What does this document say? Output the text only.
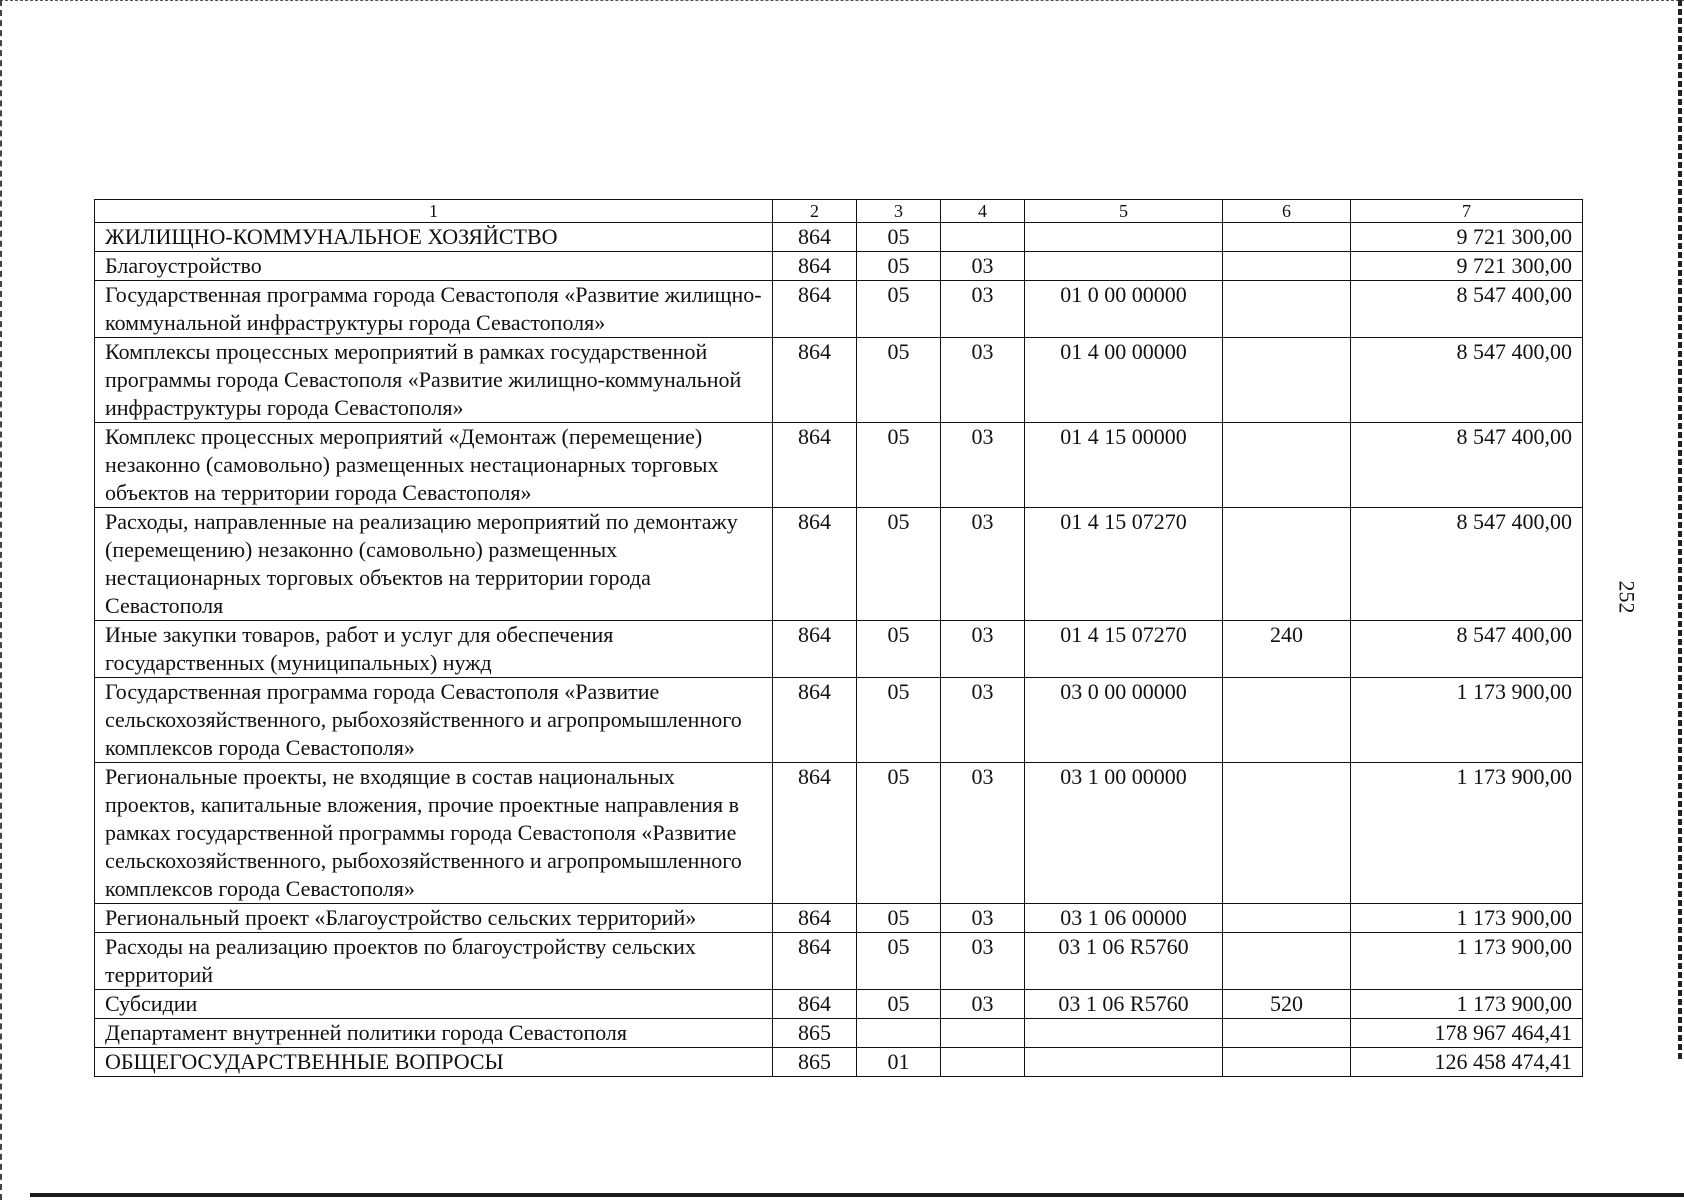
252
1	2	3	4	5	6	7
ЖИЛИЩНО-КОММУНАЛЬНОЕ ХОЗЯЙСТВО	864	05				9 721 300,00
Благоустройство	864	05	03			9 721 300,00
Государственная программа города Севастополя «Развитие жилищно-коммунальной инфраструктуры города Севастополя»	864	05	03	01 0 00 00000		8 547 400,00
Комплексы процессных мероприятий в рамках государственной программы города Севастополя «Развитие жилищно-коммунальной инфраструктуры города Севастополя»	864	05	03	01 4 00 00000		8 547 400,00
Комплекс процессных мероприятий «Демонтаж (перемещение) незаконно (самовольно) размещенных нестационарных торговых объектов на территории города Севастополя»	864	05	03	01 4 15 00000		8 547 400,00
Расходы, направленные на реализацию мероприятий по демонтажу (перемещению) незаконно (самовольно) размещенных нестационарных торговых объектов на территории города Севастополя	864	05	03	01 4 15 07270		8 547 400,00
Иные закупки товаров, работ и услуг для обеспечения государственных (муниципальных) нужд	864	05	03	01 4 15 07270	240	8 547 400,00
Государственная программа города Севастополя «Развитие сельскохозяйственного, рыбохозяйственного и агропромышленного комплексов города Севастополя»	864	05	03	03 0 00 00000		1 173 900,00
Региональные проекты, не входящие в состав национальных проектов, капитальные вложения, прочие проектные направления в рамках государственной программы города Севастополя «Развитие сельскохозяйственного, рыбохозяйственного и агропромышленного комплексов города Севастополя»	864	05	03	03 1 00 00000		1 173 900,00
Региональный проект «Благоустройство сельских территорий»	864	05	03	03 1 06 00000		1 173 900,00
Расходы на реализацию проектов по благоустройству сельских территорий	864	05	03	03 1 06 R5760		1 173 900,00
Субсидии	864	05	03	03 1 06 R5760	520	1 173 900,00
Департамент внутренней политики города Севастополя	865					178 967 464,41
ОБЩЕГОСУДАРСТВЕННЫЕ ВОПРОСЫ	865	01				126 458 474,41
